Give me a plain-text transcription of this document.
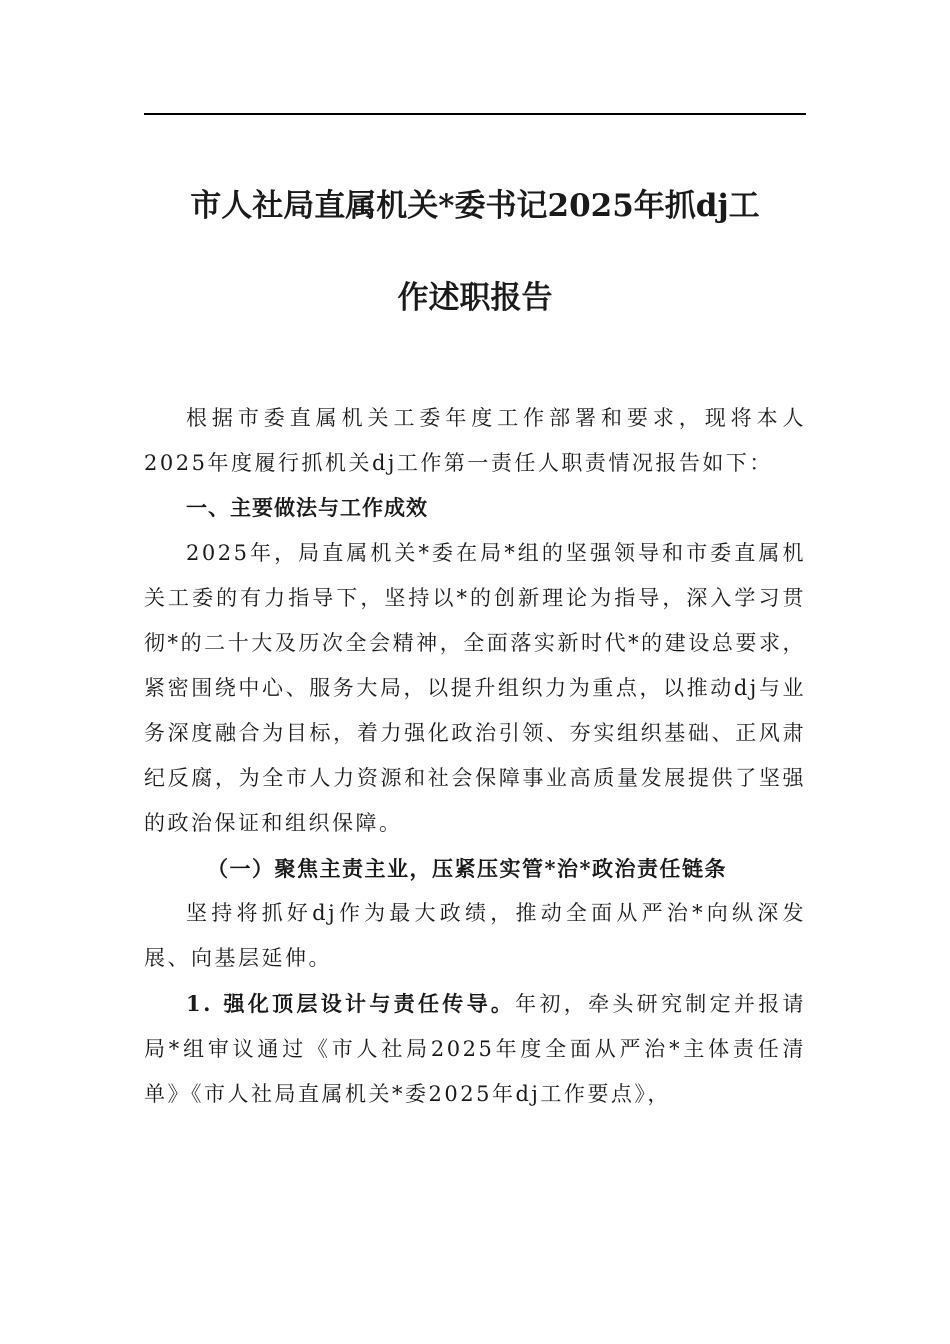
市人社局直属机关*委书记2025年抓dj工
作述职报告

根据市委直属机关工委年度工作部署和要求，现将本人2025年度履行抓机关dj工作第一责任人职责情况报告如下：

一、主要做法与工作成效

2025年，局直属机关*委在局*组的坚强领导和市委直属机关工委的有力指导下，坚持以*的创新理论为指导，深入学习贯彻*的二十大及历次全会精神，全面落实新时代*的建设总要求，紧密围绕中心、服务大局，以提升组织力为重点，以推动dj与业务深度融合为目标，着力强化政治引领、夯实组织基础、正风肃纪反腐，为全市人力资源和社会保障事业高质量发展提供了坚强的政治保证和组织保障。

（一）聚焦主责主业，压紧压实管*治*政治责任链条

坚持将抓好dj作为最大政绩，推动全面从严治*向纵深发展、向基层延伸。

1. 强化顶层设计与责任传导。年初，牵头研究制定并报请局*组审议通过《市人社局2025年度全面从严治*主体责任清单》《市人社局直属机关*委2025年dj工作要点》，
